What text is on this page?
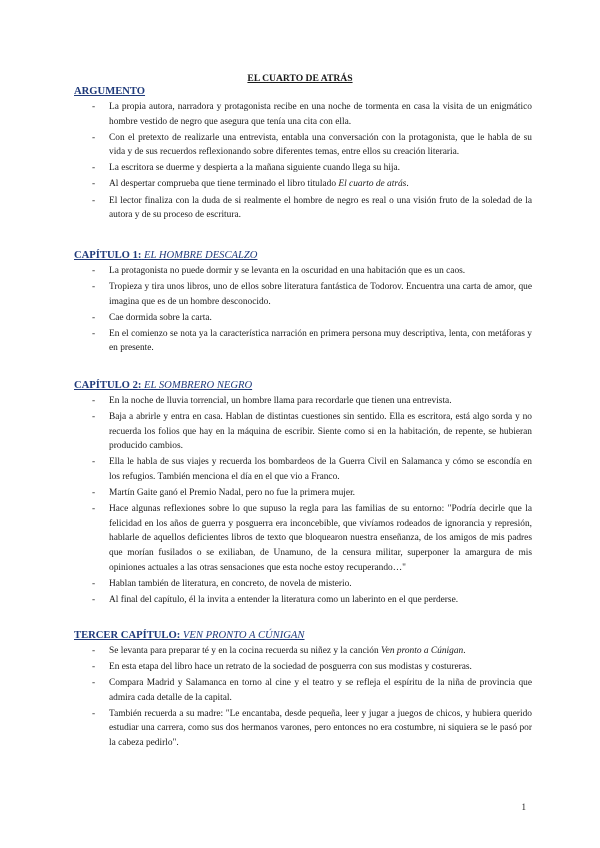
EL CUARTO DE ATRÁS
ARGUMENTO
- La propia autora, narradora y protagonista recibe en una noche de tormenta en casa la visita de un enigmático hombre vestido de negro que asegura que tenía una cita con ella.
- Con el pretexto de realizarle una entrevista, entabla una conversación con la protagonista, que le habla de su vida y de sus recuerdos reflexionando sobre diferentes temas, entre ellos su creación literaria.
- La escritora se duerme y despierta a la mañana siguiente cuando llega su hija.
- Al despertar comprueba que tiene terminado el libro titulado El cuarto de atrás.
- El lector finaliza con la duda de si realmente el hombre de negro es real o una visión fruto de la soledad de la autora y de su proceso de escritura.
CAPÍTULO 1: EL HOMBRE DESCALZO
- La protagonista no puede dormir y se levanta en la oscuridad en una habitación que es un caos.
- Tropieza y tira unos libros, uno de ellos sobre literatura fantástica de Todorov. Encuentra una carta de amor, que imagina que es de un hombre desconocido.
- Cae dormida sobre la carta.
- En el comienzo se nota ya la característica narración en primera persona muy descriptiva, lenta, con metáforas y en presente.
CAPÍTULO 2: EL SOMBRERO NEGRO
- En la noche de lluvia torrencial, un hombre llama para recordarle que tienen una entrevista.
- Baja a abrirle y entra en casa. Hablan de distintas cuestiones sin sentido. Ella es escritora, está algo sorda y no recuerda los folios que hay en la máquina de escribir. Siente como si en la habitación, de repente, se hubieran producido cambios.
- Ella le habla de sus viajes y recuerda los bombardeos de la Guerra Civil en Salamanca y cómo se escondía en los refugios. También menciona el día en el que vio a Franco.
- Martín Gaite ganó el Premio Nadal, pero no fue la primera mujer.
- Hace algunas reflexiones sobre lo que supuso la regla para las familias de su entorno: "Podría decirle que la felicidad en los años de guerra y posguerra era inconcebible, que vivíamos rodeados de ignorancia y represión, hablarle de aquellos deficientes libros de texto que bloquearon nuestra enseñanza, de los amigos de mis padres que morían fusilados o se exiliaban, de Unamuno, de la censura militar, superponer la amargura de mis opiniones actuales a las otras sensaciones que esta noche estoy recuperando…"
- Hablan también de literatura, en concreto, de novela de misterio.
- Al final del capítulo, él la invita a entender la literatura como un laberinto en el que perderse.
TERCER CAPÍTULO: VEN PRONTO A CÚNIGAN
- Se levanta para preparar té y en la cocina recuerda su niñez y la canción Ven pronto a Cúnigan.
- En esta etapa del libro hace un retrato de la sociedad de posguerra con sus modistas y costureras.
- Compara Madrid y Salamanca en torno al cine y el teatro y se refleja el espíritu de la niña de provincia que admira cada detalle de la capital.
- También recuerda a su madre: "Le encantaba, desde pequeña, leer y jugar a juegos de chicos, y hubiera querido estudiar una carrera, como sus dos hermanos varones, pero entonces no era costumbre, ni siquiera se le pasó por la cabeza pedirlo".
1
